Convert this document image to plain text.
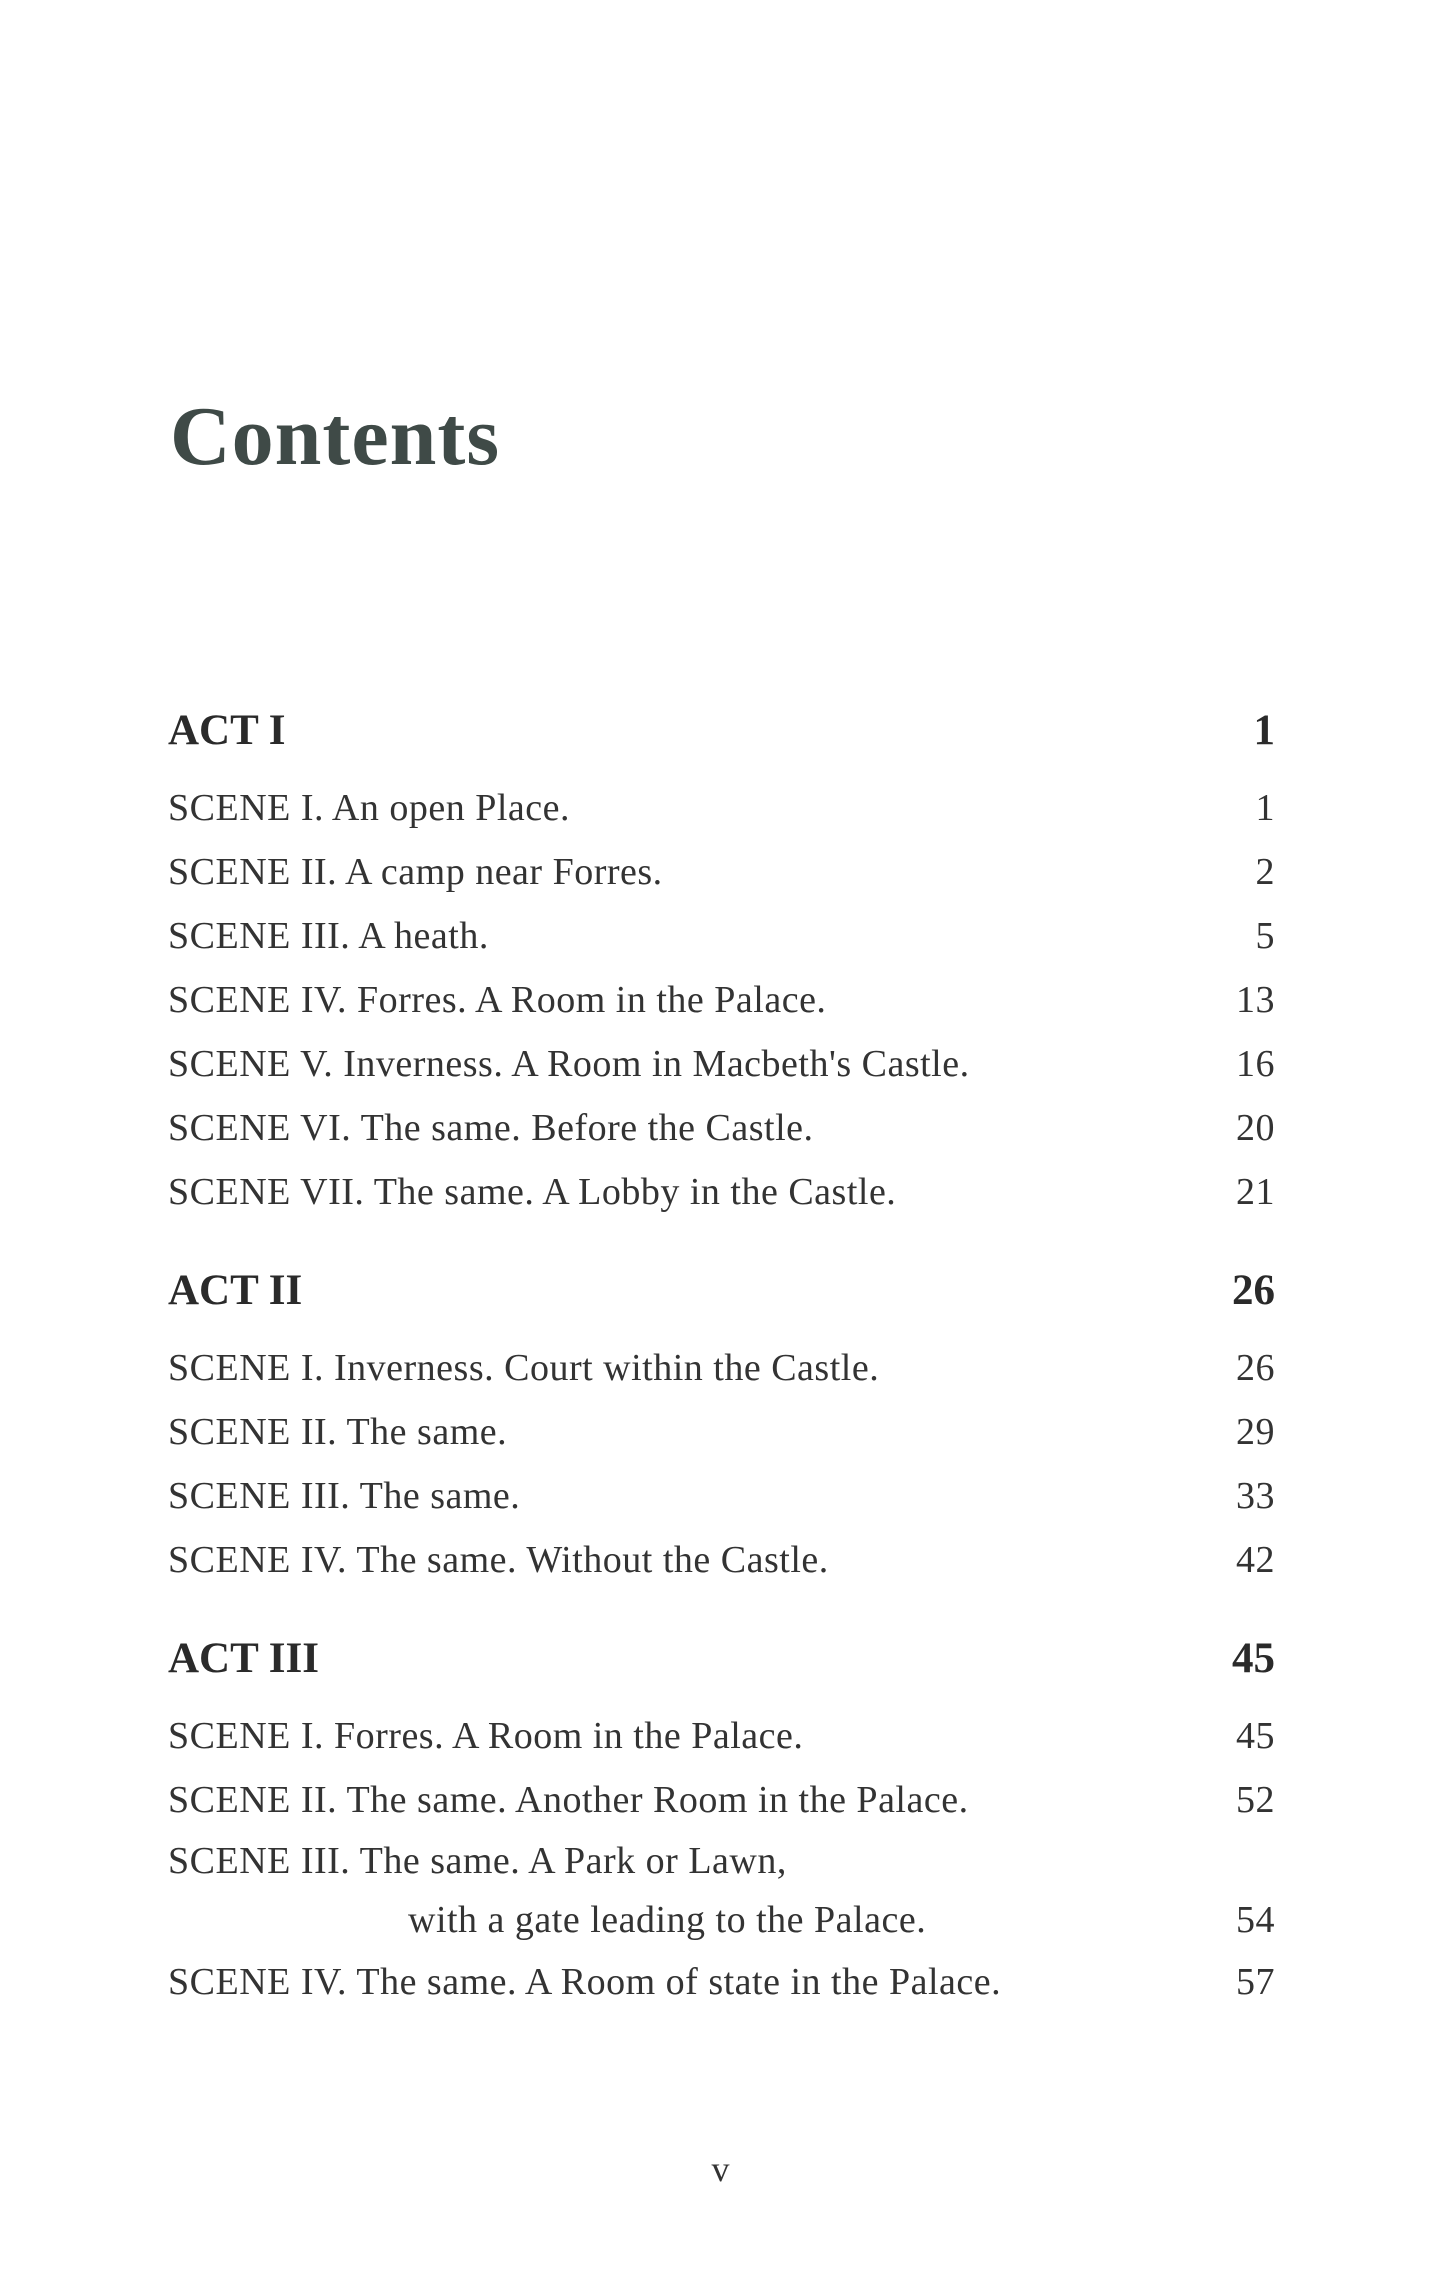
Contents
ACT I	1
SCENE I. An open Place.	1
SCENE II. A camp near Forres.	2
SCENE III. A heath.	5
SCENE IV. Forres. A Room in the Palace.	13
SCENE V. Inverness. A Room in Macbeth's Castle.	16
SCENE VI. The same. Before the Castle.	20
SCENE VII. The same. A Lobby in the Castle.	21
ACT II	26
SCENE I. Inverness. Court within the Castle.	26
SCENE II. The same.	29
SCENE III. The same.	33
SCENE IV. The same. Without the Castle.	42
ACT III	45
SCENE I. Forres. A Room in the Palace.	45
SCENE II. The same. Another Room in the Palace.	52
SCENE III. The same. A Park or Lawn,
with a gate leading to the Palace.	54
SCENE IV. The same. A Room of state in the Palace.	57
v
